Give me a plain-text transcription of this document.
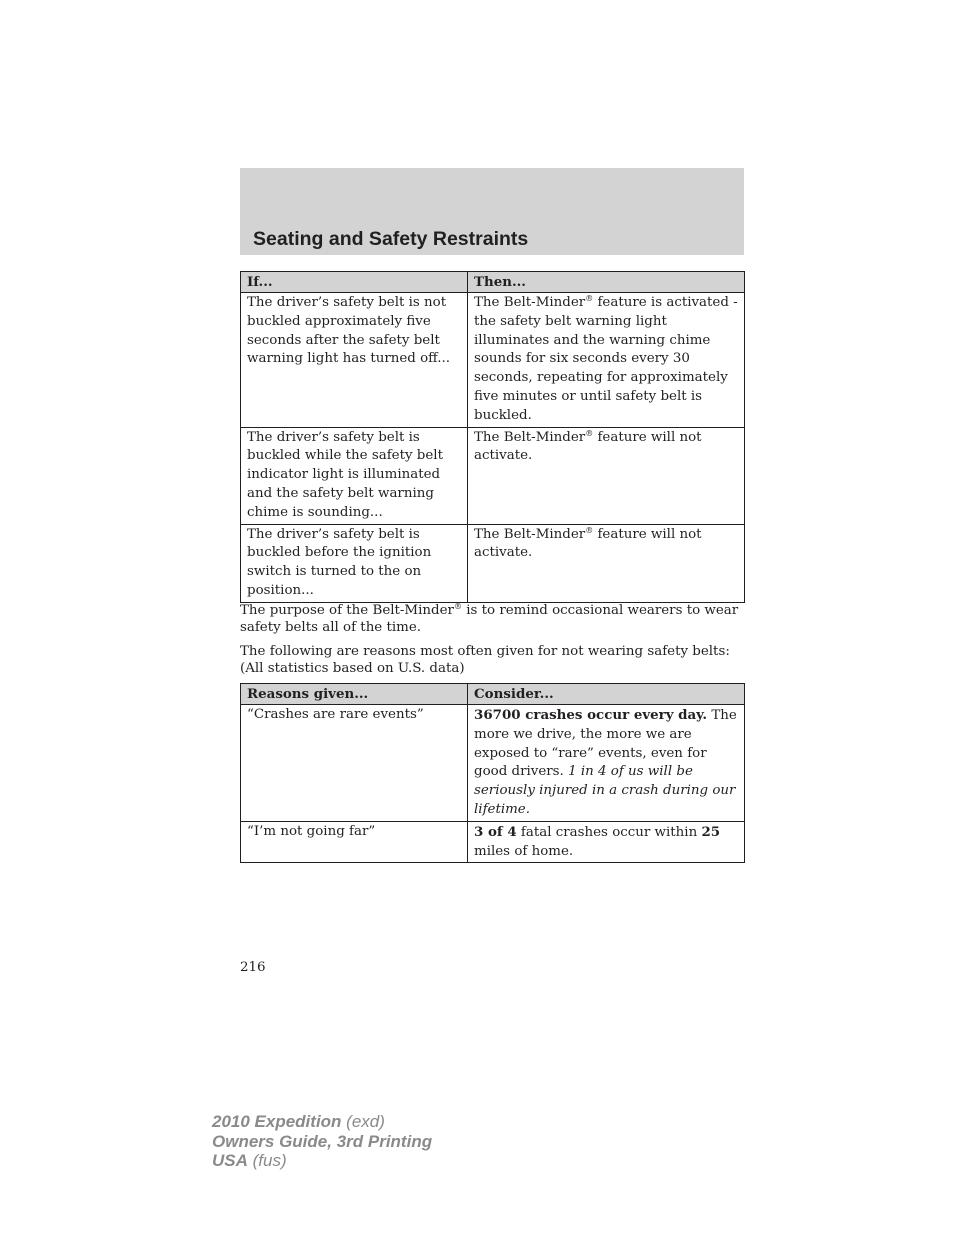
Seating and Safety Restraints
If...	Then...
The driver’s safety belt is not buckled approximately five seconds after the safety belt warning light has turned off...	The Belt-Minder® feature is activated - the safety belt warning light illuminates and the warning chime sounds for six seconds every 30 seconds, repeating for approximately five minutes or until safety belt is buckled.
The driver’s safety belt is buckled while the safety belt indicator light is illuminated and the safety belt warning chime is sounding...	The Belt-Minder® feature will not activate.
The driver’s safety belt is buckled before the ignition switch is turned to the on position...	The Belt-Minder® feature will not activate.
The purpose of the Belt-Minder® is to remind occasional wearers to wear safety belts all of the time.
The following are reasons most often given for not wearing safety belts: (All statistics based on U.S. data)
Reasons given...	Consider...
“Crashes are rare events”	36700 crashes occur every day. The more we drive, the more we are exposed to “rare” events, even for good drivers. 1 in 4 of us will be seriously injured in a crash during our lifetime.
“I’m not going far”	3 of 4 fatal crashes occur within 25 miles of home.
216
2010 Expedition (exd)
Owners Guide, 3rd Printing
USA (fus)
